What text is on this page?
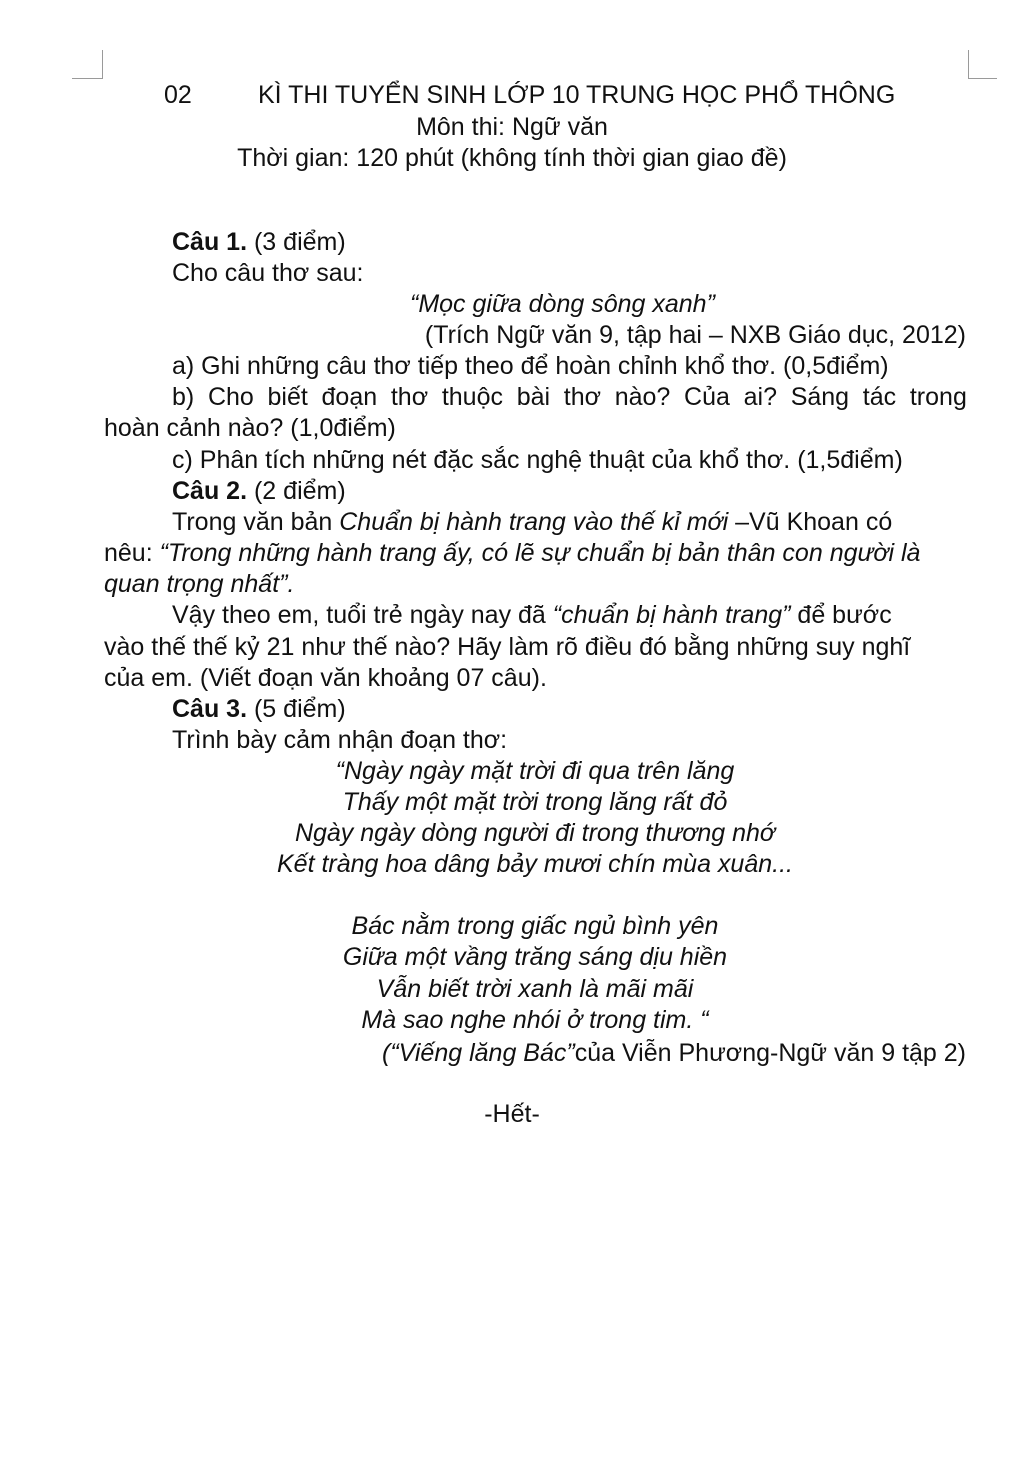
02	KÌ THI TUYỂN SINH LỚP 10 TRUNG HỌC PHỔ THÔNG
Môn thi: Ngữ văn
Thời gian: 120 phút (không tính thời gian giao đề)
Câu 1. (3 điểm)
Cho câu thơ sau:
“Mọc giữa dòng sông xanh”
(Trích Ngữ văn 9, tập hai – NXB Giáo dục, 2012)
a) Ghi những câu thơ tiếp theo để hoàn chỉnh khổ thơ. (0,5điểm)
b) Cho biết đoạn thơ thuộc bài thơ nào? Của ai? Sáng tác trong
hoàn cảnh nào? (1,0điểm)
c) Phân tích những nét đặc sắc nghệ thuật của khổ thơ. (1,5điểm)
Câu 2. (2 điểm)
Trong văn bản Chuẩn bị hành trang vào thế kỉ mới –Vũ Khoan có
nêu: “Trong những hành trang ấy, có lẽ sự chuẩn bị bản thân con người là
quan trọng nhất”.
Vậy theo em, tuổi trẻ ngày nay đã “chuẩn bị hành trang” để bước
vào thế thế kỷ 21 như thế nào? Hãy làm rõ điều đó bằng những suy nghĩ
của em. (Viết đoạn văn khoảng 07 câu).
Câu 3. (5 điểm)
Trình bày cảm nhận đoạn thơ:
“Ngày ngày mặt trời đi qua trên lăng
Thấy một mặt trời trong lăng rất đỏ
Ngày ngày dòng người đi trong thương nhớ
Kết tràng hoa dâng bảy mươi chín mùa xuân...
Bác nằm trong giấc ngủ bình yên
Giữa một vầng trăng sáng dịu hiền
Vẫn biết trời xanh là mãi mãi
Mà sao nghe nhói ở trong tim. “
(“Viếng lăng Bác”của Viễn Phương-Ngữ văn 9 tập 2)
-Hết-
